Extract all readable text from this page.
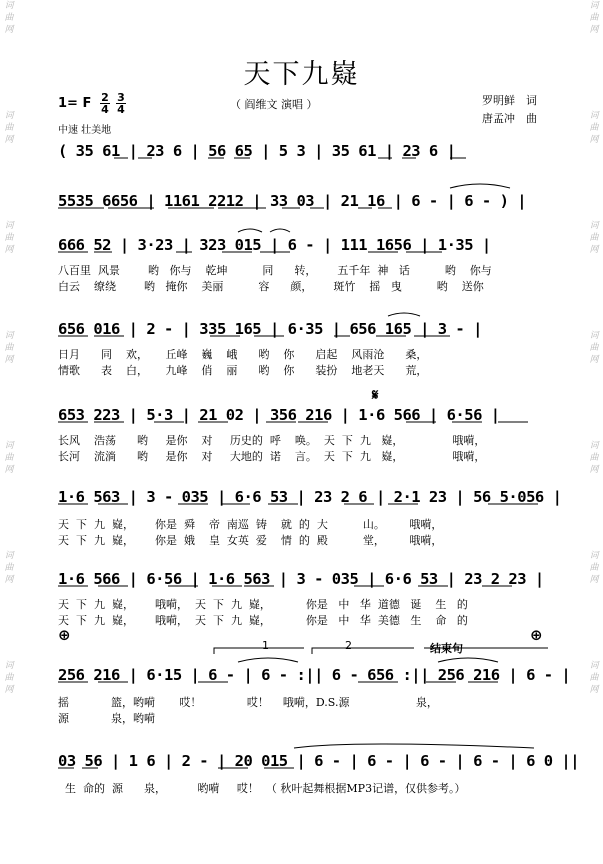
词
曲
网
词
曲
网
词
曲
网
词
曲
网
词
曲
网
词
曲
网
词
曲
网
词
曲
网
词
曲
网
词
曲
网
词
曲
网
词
曲
网
词
曲
网
词
曲
网
天下九嶷
1= F $\frac{2}{4} \frac{3}{4}$
中速 壮美地
（ 阎维文 演唱 ）	罗明鲜　词
唐孟冲　曲
( 35 61 | 23 6 | 56 65 | 5 3 | 35 61 | 23 6 |
5535 6656 | 1161 2212 | 33 03 | 21 16 | 6 - | 6 - ) |
666 52 | 3·23 | 323 015 | 6 - | 111 1656 | 1·35 |
八百里  风景        哟   你与    乾坤          同      转，      五千年  神   话          哟    你与
白云    缭绕        哟   掩你    美丽          容      颜，      斑竹    摇   曳          哟    送你
656 016 | 2 - | 335 165 | 6·35 | 656 165 | 3 - |
日月      同    欢，     丘峰    巍    峨      哟    你      启起    风雨沧      桑，
情歌      表    白，     九峰    俏    丽      哟    你      装扮    地老天      荒，
653 223 | 5·3 | 21 02 | 356 216 | 1·6 566 | 6·56 |
𝄋
长风    浩荡      哟     是你    对     历史的  呼    唤。  天  下  九   嶷，              哦嗬，
长河    流淌      哟     是你    对     大地的  诺    言。  天  下  九   嶷，              哦嗬，
1·6 563 | 3 - 035 | 6·6 53 | 23 2 6 | 2·1 23 | 56 5·056 |
天  下  九  嶷，      你是  舜    帝  南巡  铸    就  的  大          山。       哦嗬，
天  下  九  嶷，      你是  娥    皇  女英  爱    情  的  殿          堂，       哦嗬，
1·6 566 | 6·56 | 1·6 563 | 3 - 035 | 6·6 53 | 23 2 23 |
天  下  九  嶷，      哦嗬，  天  下  九  嶷，          你是   中   华  道德   诞    生   的
天  下  九  嶷，      哦嗬，  天  下  九  嶷，          你是   中   华  美德   生    命   的
⊕	⊕
1	2	结束句
256 216 | 6·15 | 6 - | 6 - :|| 6 - 656 :|| 256 216 | 6 - |
摇            篮，哟嗬       哎！             哎！    哦嗬，D.S.源                   泉，
源            泉，哟嗬
03 56 | 1 6 | 2 - | 20 015 | 6 - | 6 - | 6 - | 6 - | 6 0 ||
生  命的  源      泉，         哟嗬     哎！  （ 秋叶起舞根据MP3记谱，仅供参考。）
